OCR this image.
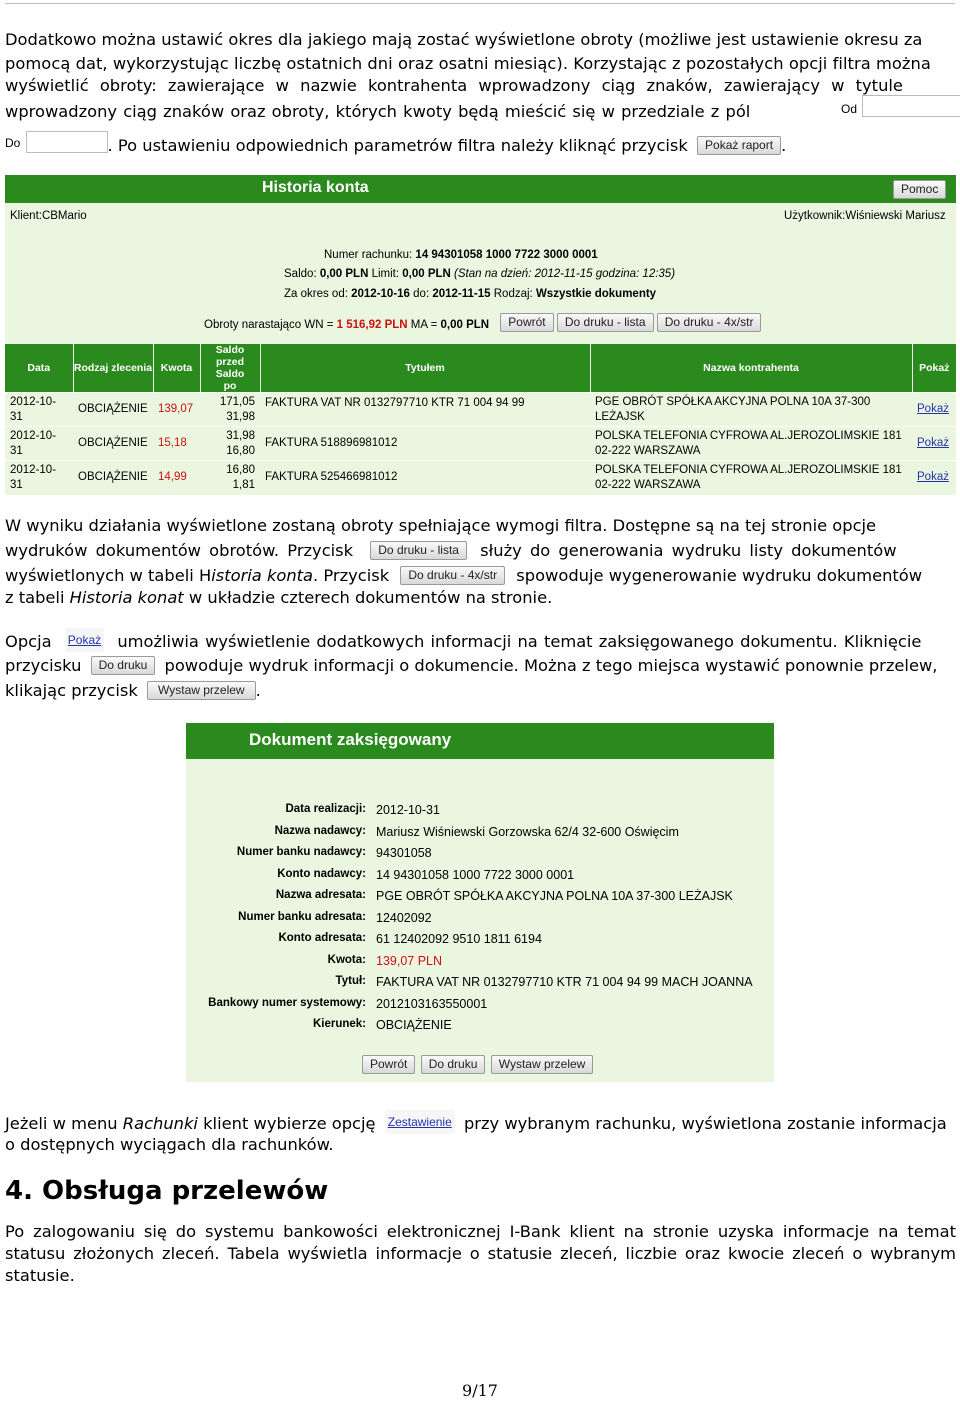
Dodatkowo można ustawić okres dla jakiego mają zostać wyświetlone obroty (możliwe jest ustawienie okresu za
pomocą dat, wykorzystując liczbę ostatnich dni oraz osatni miesiąc). Korzystając z pozostałych opcji filtra można
wyświetlić obroty: zawierające w nazwie kontrahenta wprowadzony ciąg znaków, zawierający w tytule
wprowadzony ciąg znaków oraz obroty, których kwoty będą mieścić się w przedziale z pól	Od
$^{Do}$	. Po ustawieniu odpowiednich parametrów filtra należy kliknąć przycisk Pokaż raport .
Historia konta	Pomoc
Klient:CBMario	Użytkownik:Wiśniewski Mariusz
Numer rachunku: 14 94301058 1000 7722 3000 0001
Saldo: 0,00 PLN Limit: 0,00 PLN (Stan na dzień: 2012-11-15 godzina: 12:35)
Za okres od: 2012-10-16 do: 2012-11-15 Rodzaj: Wszystkie dokumenty
Obroty narastająco WN = 1 516,92 PLN MA = 0,00 PLN Powrót Do druku - lista Do druku - 4x/str
Data	Rodzaj zlecenia	Kwota	Saldo przed Saldo po	Tytułem	Nazwa kontrahenta	Pokaż
2012-10-31	OBCIĄŻENIE	139,07	171,05
31,98	FAKTURA VAT NR 0132797710 KTR 71 004 94 99	PGE OBRÓT SPÓŁKA AKCYJNA POLNA 10A 37-300
LEŻAJSK	Pokaż
2012-10-31	OBCIĄŻENIE	15,18	31,98
16,80	FAKTURA 518896981012	POLSKA TELEFONIA CYFROWA AL.JEROZOLIMSKIE 181
02-222 WARSZAWA	Pokaż
2012-10-31	OBCIĄŻENIE	14,99	16,80
1,81	FAKTURA 525466981012	POLSKA TELEFONIA CYFROWA AL.JEROZOLIMSKIE 181
02-222 WARSZAWA	Pokaż
W wyniku działania wyświetlone zostaną obroty spełniające wymogi filtra. Dostępne są na tej stronie opcje
wydruków dokumentów obrotów. Przycisk Do druku - lista służy do generowania wydruku listy dokumentów
wyświetlonych w tabeli Historia konta. Przycisk Do druku - 4x/str spowoduje wygenerowanie wydruku dokumentów
z tabeli Historia konat w układzie czterech dokumentów na stronie.
Opcja Pokaż umożliwia wyświetlenie dodatkowych informacji na temat zaksięgowanego dokumentu. Kliknięcie
przycisku Do druku powoduje wydruk informacji o dokumencie. Można z tego miejsca wystawić ponownie przelew,
klikając przycisk Wystaw przelew .
Dokument zaksięgowany
Data realizacji: 2012-10-31
Nazwa nadawcy: Mariusz Wiśniewski Gorzowska 62/4 32-600 Oświęcim
Numer banku nadawcy: 94301058
Konto nadawcy: 14 94301058 1000 7722 3000 0001
Nazwa adresata: PGE OBRÓT SPÓŁKA AKCYJNA POLNA 10A 37-300 LEŻAJSK
Numer banku adresata: 12402092
Konto adresata: 61 12402092 9510 1811 6194
Kwota: 139,07 PLN
Tytuł: FAKTURA VAT NR 0132797710 KTR 71 004 94 99 MACH JOANNA
Bankowy numer systemowy: 2012103163550001
Kierunek: OBCIĄŻENIE
Powrót Do druku Wystaw przelew
Jeżeli w menu Rachunki klient wybierze opcję Zestawienie przy wybranym rachunku, wyświetlona zostanie informacja
o dostępnych wyciągach dla rachunków.
4. Obsługa przelewów
Po zalogowaniu się do systemu bankowości elektronicznej I-Bank klient na stronie uzyska informacje na temat statusu złożonych zleceń. Tabela wyświetla informacje o statusie zleceń, liczbie oraz kwocie zleceń o wybranym statusie.
9/17
